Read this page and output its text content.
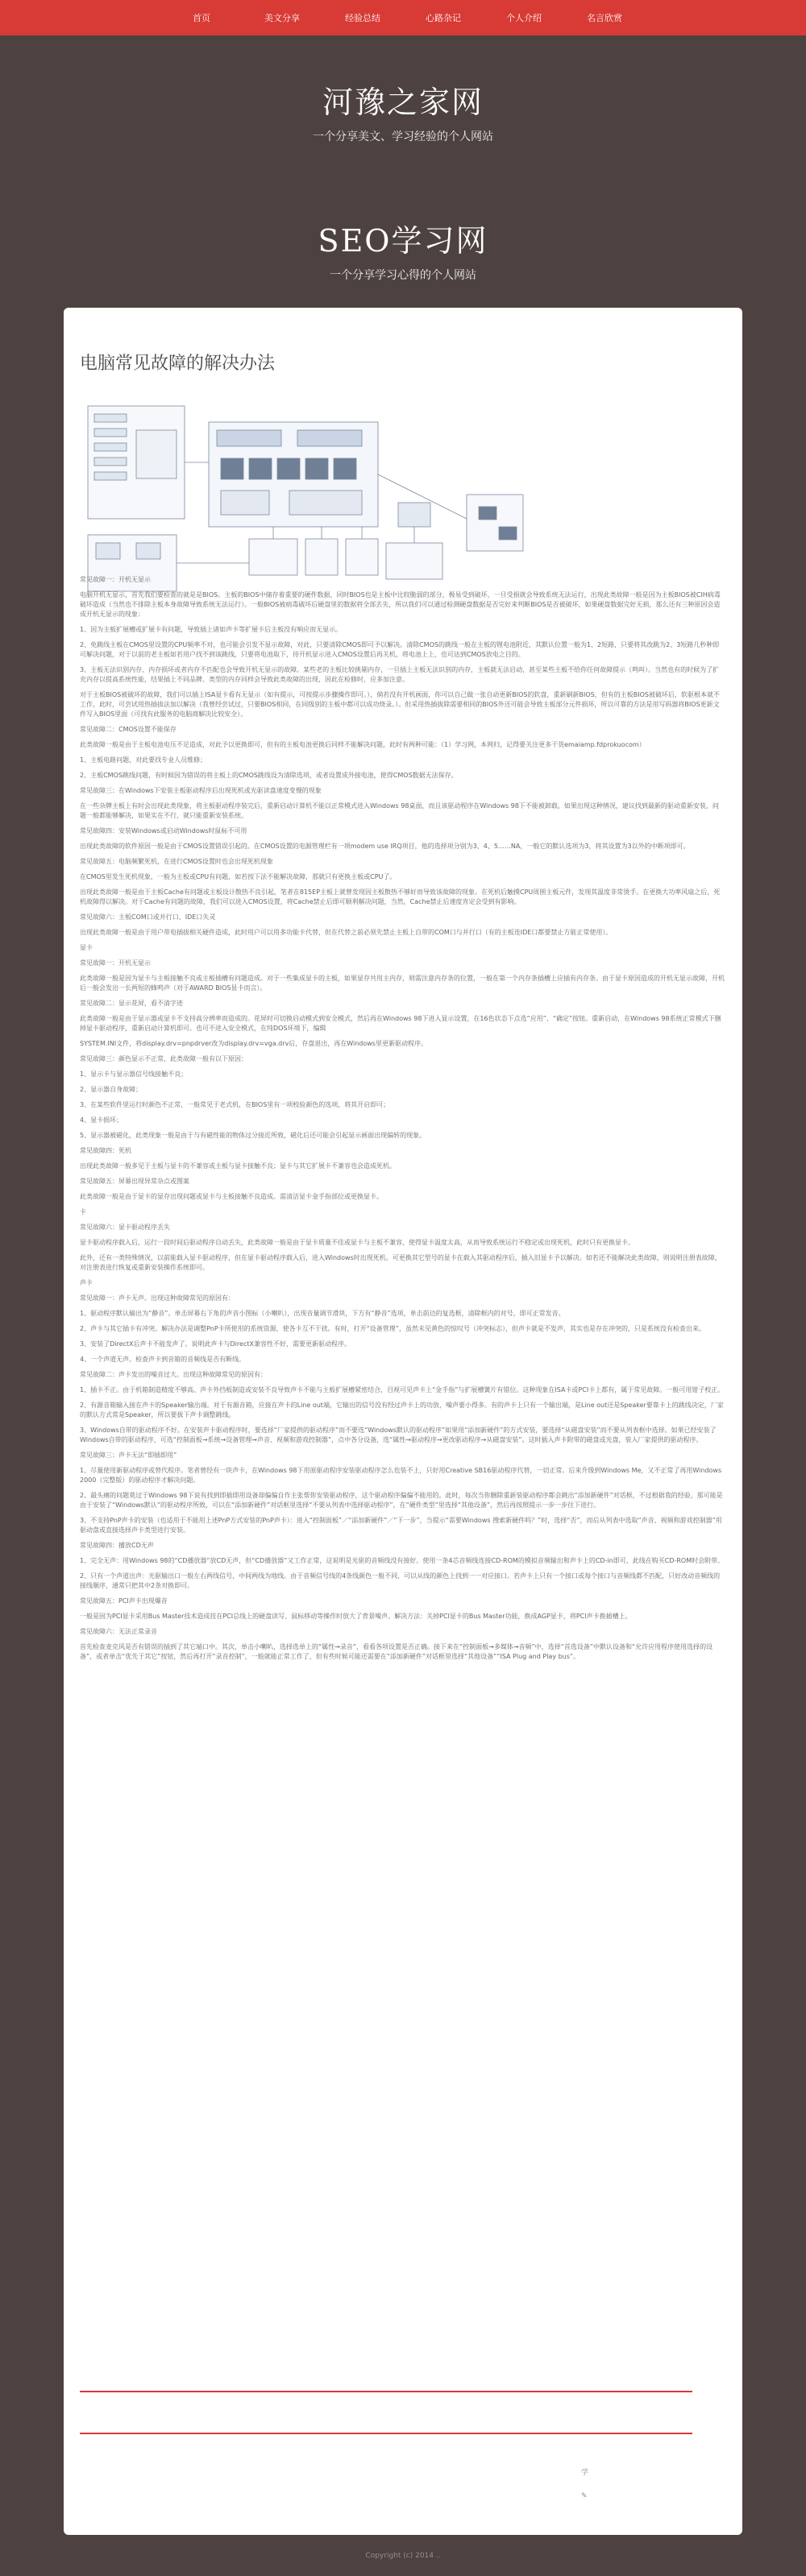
首页	美文分享	经验总结	心路杂记	个人介绍	名言欣赏
河豫之家网

一个分享美文、学习经验的个人网站

SEO学习网

一个分享学习心得的个人网站

电脑常见故障的解决办法

常见故障一：开机无显示

电脑开机无显示，首先我们要检查的就是是BIOS。主板的BIOS中储存着重要的硬件数据，同时BIOS也是主板中比较脆弱的部分，极易受到破坏，一旦受损就会导致系统无法运行，出现此类故障一般是因为主板BIOS被CIH病毒破坏造成（当然也不排除主板本身故障导致系统无法运行）。一般BIOS被病毒破坏后硬盘里的数据将全部丢失，所以我们可以通过检测硬盘数据是否完好来判断BIOS是否被破坏，如果硬盘数据完好无损，那么还有三种原因会造成开机无显示的现象：

1、因为主板扩展槽或扩展卡有问题，导致插上诸如声卡等扩展卡后主板没有响应而无显示。

2、免跳线主板在CMOS里设置的CPU频率不对，也可能会引发不显示故障，对此，只要清除CMOS即可予以解决。清除CMOS的跳线一般在主板的锂电池附近，其默认位置一般为1、2短路，只要将其改跳为2、3短路几秒种即可解决问题，对于以前的老主板如若用户找不到该跳线，只要将电池取下，待开机显示进入CMOS设置后再关机，将电池上上，也可达到CMOS放电之目的。

3、主板无法识别内存、内存损坏或者内存不匹配也会导致开机无显示的故障。某些老的主板比较挑剔内存，一旦插上主板无法识别的内存，主板就无法启动，甚至某些主板不给你任何故障提示（鸣叫）。当然也有的时候为了扩充内存以提高系统性能，结果插上不同品牌、类型的内存同样会导致此类故障的出现，因此在检修时，应多加注意。

对于主板BIOS被破坏的故障，我们可以插上ISA显卡看有无显示（如有提示，可按提示步骤操作即可。），倘若没有开机画面，你可以自己做一张自动更新BIOS的软盘，重新刷新BIOS，但有的主板BIOS被破坏后，软驱根本就不工作，此时，可尝试用热插拔法加以解决（我曾经尝试过，只要BIOS相同，在同级别的主板中都可以成功烧录。）。但采用热插拔除需要相同的BIOS外还可能会导致主板部分元件损坏，所以可靠的方法是用写码器将BIOS更新文件写入BIOS里面（可找有此服务的电脑商解决比较安全）。

常见故障二：CMOS设置不能保存

此类故障一般是由于主板电池电压不足造成，对此予以更换即可，但有的主板电池更换后同样不能解决问题，此时有两种可能：（1）学习网，本网归，记得要关注更多干货emaiamp.fdprokuocom）

1、主板电路问题，对此要找专业人员维修；

2、主板CMOS跳线问题，有时候因为错误的将主板上的CMOS跳线设为清除选项，或者设置成外接电池，使得CMOS数据无法保存。

常见故障三：在Windows下安装主板驱动程序后出现死机或光驱读盘速度变慢的现象

在一些杂牌主板上有时会出现此类现象，将主板驱动程序装完后，重新启动计算机不能以正常模式进入Windows 98桌面，而且该驱动程序在Windows 98下不能被卸载。如果出现这种情况，建议找到最新的驱动重新安装，问题一般都能够解决，如果实在不行，就只能重新安装系统。

常见故障四：安装Windows或启动Windows时鼠标不可用

出现此类故障的软件原因一般是由于CMOS设置错误引起的。在CMOS设置的电源管理栏有一项modem use IRQ项目，他的选择项分别为3、4、5……NA，一般它的默认选项为3，将其设置为3以外的中断项即可。

常见故障五：电脑频繁死机，在进行CMOS设置时也会出现死机现象

在CMOS里发生死机现象，一般为主板或CPU有问题，如若按下法不能解决故障，那就只有更换主板或CPU了。

出现此类故障一般是由于主板Cache有问题或主板设计散热不良引起，笔者在815EP主板上就曾发现因主板散热不够好而导致该故障的现象。在死机后触摸CPU周围主板元件，发现其温度非常烫手。在更换大功率风扇之后，死机故障得以解决。对于Cache有问题的故障，我们可以进入CMOS设置，将Cache禁止后即可顺利解决问题，当然，Cache禁止后速度肯定会受到有影响。

常见故障六：主板COM口或并行口、IDE口失灵

出现此类故障一般是由于用户带电插拔相关硬件造成，此时用户可以用多功能卡代替，但在代替之前必须先禁止主板上自带的COM口与并行口（有的主板连IDE口都要禁止方能正常使用）。

显卡

常见故障一：开机无显示

此类故障一般是因为显卡与主板接触不良或主板插槽有问题造成。对于一些集成显卡的主板，如果显存共用主内存，则需注意内存条的位置，一般在第一个内存条插槽上应插有内存条。由于显卡原因造成的开机无显示故障，开机后一般会发出一长两短的蜂鸣声（对于AWARD BIOS显卡而言）。

常见故障二：显示花屏，看不清字迹

此类故障一般是由于显示器或显卡不支持高分辨率而造成的。花屏时可切换启动模式到安全模式，然后再在Windows 98下进入显示设置，在16色状态下点选“应用”、“确定”按钮。重新启动，在Windows 98系统正常模式下删掉显卡驱动程序，重新启动计算机即可。也可不进入安全模式，在纯DOS环境下，编辑

SYSTEM.INI文件，将display.drv=pnpdrver改为display.drv=vga.drv后，存盘退出，再在Windows里更新驱动程序。

常见故障三：颜色显示不正常，此类故障一般有以下原因：

1、显示卡与显示器信号线接触不良；

2、显示器自身故障；

3、在某些软件里运行时颜色不正常，一般常见于老式机，在BIOS里有一项校验颜色的选项，将其开启即可；

4、显卡损坏；

5、显示器被磁化，此类现象一般是由于与有磁性能的物体过分接近所致，磁化后还可能会引起显示画面出现偏转的现象。

常见故障四：死机

出现此类故障一般多见于主板与显卡的不兼容或主板与显卡接触不良；显卡与其它扩展卡不兼容也会造成死机。

常见故障五：屏幕出现异常杂点或图案

此类故障一般是由于显卡的显存出现问题或显卡与主板接触不良造成。需清洁显卡金手指部位或更换显卡。

卡

常见故障六：显卡驱动程序丢失

显卡驱动程序载入后，运行一段时间后驱动程序自动丢失，此类故障一般是由于显卡质量不佳或显卡与主板不兼容，使得显卡温度太高，从而导致系统运行不稳定或出现死机，此时只有更换显卡。

此外，还有一类特殊情况，以前能载入显卡驱动程序，但在显卡驱动程序载入后，进入Windows时出现死机。可更换其它型号的显卡在载入其驱动程序后，插入旧显卡予以解决。如若还不能解决此类故障，则说明注册表故障，对注册表进行恢复或重新安装操作系统即可。

声卡

常见故障一：声卡无声。出现这种故障常见的原因有：

1、驱动程序默认输出为“静音”。单击屏幕右下角的声音小图标（小喇叭），出现音量调节滑块，下方有“静音”选项，单击前边的复选框，清除框内的对号，即可正常发音。

2、声卡与其它插卡有冲突。解决办法是调整PnP卡所使用的系统资源，使各卡互不干扰。有时，打开“设备管理”，虽然未见黄色的惊叹号（冲突标志），但声卡就是不发声，其实也是存在冲突的，只是系统没有检查出来。

3、安装了DirectX后声卡不能发声了。说明此声卡与DirectX兼容性不好，需要更新驱动程序。

4、一个声道无声。检查声卡到音箱的音频线是否有断线。

常见故障二：声卡发出的噪音过大。出现这种故障常见的原因有：

1、插卡不正。由于机箱制造精度不够高、声卡外挡板制造或安装不良导致声卡不能与主板扩展槽紧密结合，目视可见声卡上“金手指”与扩展槽簧片有错位。这种现象在ISA卡或PCI卡上都有，属于常见故障。一般可用钳子校正。

2、有源音箱输入接在声卡的Speaker输出端。对于有源音箱，应接在声卡的Line out端，它输出的信号没有经过声卡上的功放，噪声要小得多。有的声卡上只有一个输出端，是Line out还是Speaker要靠卡上的跳线决定，厂家的默认方式常是Speaker，所以要拔下声卡调整跳线。

3、Windows自带的驱动程序不好。在安装声卡驱动程序时，要选择“厂家提供的驱动程序”而不要选“Windows默认的驱动程序”如果用“添加新硬件”的方式安装，要选择“从磁盘安装”而不要从列表框中选择。如果已经安装了Windows自带的驱动程序，可选“控制面板→系统→设备管理→声音、视频和游戏控制器”，点中各分设备，选“属性→驱动程序→更改驱动程序→从磁盘安装”。这时插入声卡附带的磁盘或光盘，装入厂家提供的驱动程序。

常见故障三：声卡无法“即插即用”

1、尽量使用新驱动程序或替代程序。笔者曾经有一块声卡，在Windows 98下用原驱动程序安装驱动程序怎么也装不上，只好用Creative SB16驱动程序代替，一切正常。后来升级到Windows Me，又不正常了再用Windows 2000（完整版）的驱动程序才解决问题。

2、最头痛的问题莫过于Windows 98下说有找到即插即用设备却偏偏自作主张帮你安装驱动程序，这个驱动程序偏偏不能用的。此时，每次当你删除重新装驱动程序都会跳出“添加新硬件”对话框，不过根据我的经验，那可能是由于安装了“Windows默认”的驱动程序所致，可以在“添加新硬件”对话框里选择“不要从列表中选择驱动程序”，在“硬件类型”里选择“其他设备”，然后再按照提示一步一步往下进行。

3、不支持PnP声卡的安装（也适用于不能用上述PnP方式安装的PnP声卡）：进入“控制面板”／“添加新硬件”／“下一步”，当提示“需要Windows 搜索新硬件吗？”时，选择“否”，而后从列表中选取“声音、视频和游戏控制器”用驱动盘或直接选择声卡类型进行安装。

常见故障四：播放CD无声

1、完全无声：用Windows 98的“CD播放器”放CD无声，但“CD播放器”又工作正常，这说明是光驱的音频线没有接好。使用一条4芯音频线连接CD-ROM的模拟音频输出和声卡上的CD-in即可，此线在购买CD-ROM时会附带。

2、只有一个声道出声：光驱输出口一般左右两线信号，中间两线为地线。由于音频信号线的4条线颜色一般不同，可以从线的颜色上找到一一对应接口。若声卡上只有一个接口或每个接口与音频线都不匹配，只好改动音频线的接线顺序，通常只把其中2条对换即可。

常见故障五：PCI声卡出现爆音

一般是因为PCI显卡采用Bus Master技术造成挂在PCI总线上的硬盘读写、鼠标移动等操作时放大了背景噪声。解决方法：关掉PCI显卡的Bus Master功能，换成AGP显卡，将PCI声卡换插槽上。

常见故障六：无法正常录音

首先检查麦克风是否有错误的插到了其它端口中。其次，单击小喇叭，选择选单上的“属性→录音”，看看各项设置是否正确。接下来在“控制面板→多媒体→音频”中，选择“首选设备”中默认设备和“允许应用程序使用选择的设备”，或者单击“优先于其它”按钮，然后再打开“录音控制”，一般就能正常工作了，但有些时候可能还需要在“添加新硬件”对话框里选择“其他设备”“ISA Plug and Play bus”。

学
✎
Copyright (c) 2014 ..
